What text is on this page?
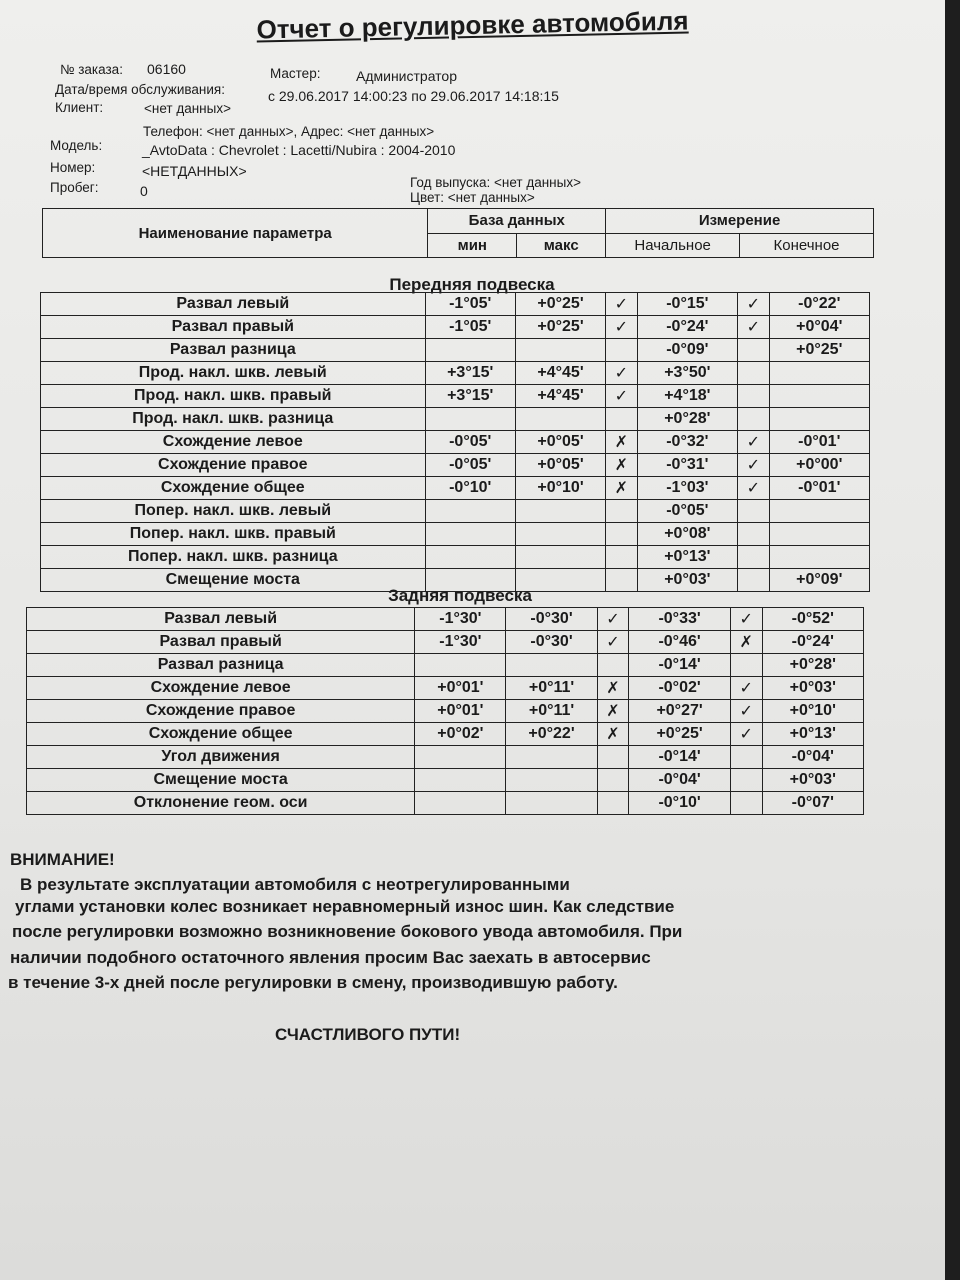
Отчет о регулировке автомобиля
№ заказа: 06160	Мастер:	Администратор
Дата/время обслуживания:	с 29.06.2017 14:00:23 по 29.06.2017 14:18:15
Клиент:	<нет данных>
Телефон: <нет данных>, Адрес: <нет данных>
Модель:	_AvtoData : Chevrolet : Lacetti/Nubira : 2004-2010
Номер:	<НЕТДАННЫХ>
Год выпуска: <нет данных>
Пробег:	0	Цвет: <нет данных>
Наименование параметра	База данных		Измерение	
	мин	макс	Начальное	Конечное
Передняя подвеска
Развал левый	-1°05'	+0°25'	✓	-0°15'	✓	-0°22'
Развал правый	-1°05'	+0°25'	✓	-0°24'	✓	+0°04'
Развал разница				-0°09'		+0°25'
Прод. накл. шкв. левый	+3°15'	+4°45'	✓	+3°50'		
Прод. накл. шкв. правый	+3°15'	+4°45'	✓	+4°18'		
Прод. накл. шкв. разница				+0°28'		
Схождение левое	-0°05'	+0°05'	✗	-0°32'	✓	-0°01'
Схождение правое	-0°05'	+0°05'	✗	-0°31'	✓	+0°00'
Схождение общее	-0°10'	+0°10'	✗	-1°03'	✓	-0°01'
Попер. накл. шкв. левый				-0°05'		
Попер. накл. шкв. правый				+0°08'		
Попер. накл. шкв. разница				+0°13'		
Смещение моста				+0°03'		+0°09'
Задняя подвеска
Развал левый	-1°30'	-0°30'	✓	-0°33'	✓	-0°52'
Развал правый	-1°30'	-0°30'	✓	-0°46'	✗	-0°24'
Развал разница				-0°14'		+0°28'
Схождение левое	+0°01'	+0°11'	✗	-0°02'	✓	+0°03'
Схождение правое	+0°01'	+0°11'	✗	+0°27'	✓	+0°10'
Схождение общее	+0°02'	+0°22'	✗	+0°25'	✓	+0°13'
Угол движения				-0°14'		-0°04'
Смещение моста				-0°04'		+0°03'
Отклонение геом. оси				-0°10'		-0°07'
ВНИМАНИЕ!
В результате эксплуатации автомобиля с неотрегулированными
углами установки колес возникает неравномерный износ шин. Как следствие
после регулировки возможно возникновение бокового увода автомобиля. При
наличии подобного остаточного явления просим Вас заехать в автосервис
в течение 3-х дней после регулировки в смену, производившую работу.
СЧАСТЛИВОГО ПУТИ!
